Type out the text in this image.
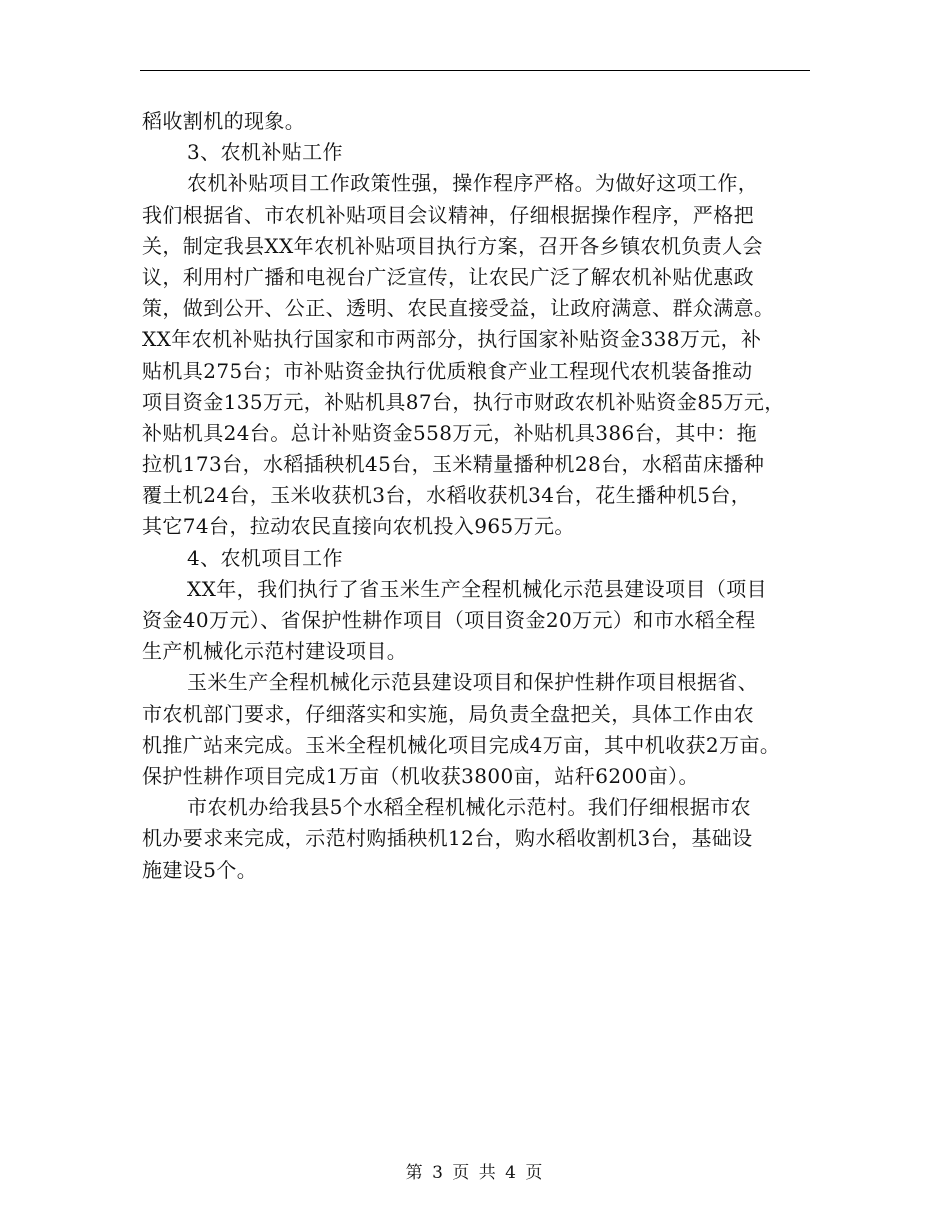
稻收割机的现象。
3、农机补贴工作
农机补贴项目工作政策性强，操作程序严格。为做好这项工作，
我们根据省、市农机补贴项目会议精神，仔细根据操作程序，严格把
关，制定我县XX年农机补贴项目执行方案，召开各乡镇农机负责人会
议，利用村广播和电视台广泛宣传，让农民广泛了解农机补贴优惠政
策，做到公开、公正、透明、农民直接受益，让政府满意、群众满意。
XX年农机补贴执行国家和市两部分，执行国家补贴资金338万元，补
贴机具275台；市补贴资金执行优质粮食产业工程现代农机装备推动
项目资金135万元，补贴机具87台，执行市财政农机补贴资金85万元，
补贴机具24台。总计补贴资金558万元，补贴机具386台，其中：拖
拉机173台，水稻插秧机45台，玉米精量播种机28台，水稻苗床播种
覆土机24台，玉米收获机3台，水稻收获机34台，花生播种机5台，
其它74台，拉动农民直接向农机投入965万元。
4、农机项目工作
XX年，我们执行了省玉米生产全程机械化示范县建设项目（项目
资金40万元）、省保护性耕作项目（项目资金20万元）和市水稻全程
生产机械化示范村建设项目。
玉米生产全程机械化示范县建设项目和保护性耕作项目根据省、
市农机部门要求，仔细落实和实施，局负责全盘把关，具体工作由农
机推广站来完成。玉米全程机械化项目完成4万亩，其中机收获2万亩。
保护性耕作项目完成1万亩（机收获3800亩，站秆6200亩）。
市农机办给我县5个水稻全程机械化示范村。我们仔细根据市农
机办要求来完成，示范村购插秧机12台，购水稻收割机3台，基础设
施建设5个。
第 3 页 共 4 页
